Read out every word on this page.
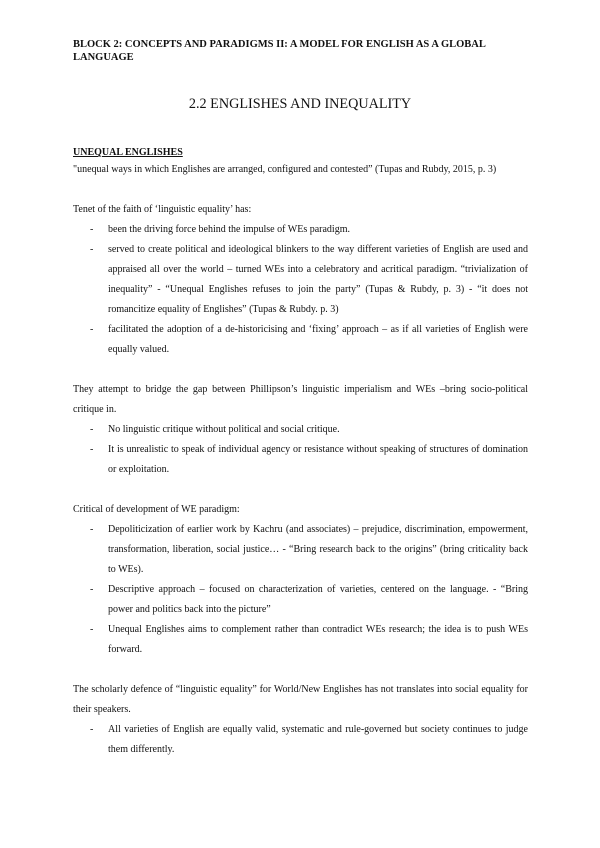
BLOCK 2: CONCEPTS AND PARADIGMS II: A MODEL FOR ENGLISH AS A GLOBAL LANGUAGE
2.2 ENGLISHES AND INEQUALITY

UNEQUAL ENGLISHES

"unequal ways in which Englishes are arranged, configured and contested” (Tupas and Rubdy, 2015, p. 3)

Tenet of the faith of ‘linguistic equality’ has:

- been the driving force behind the impulse of WEs paradigm.
- served to create political and ideological blinkers to the way different varieties of English are used and appraised all over the world – turned WEs into a celebratory and acritical paradigm. “trivialization of inequality” - “Unequal Englishes refuses to join the party” (Tupas & Rubdy, p. 3) - “it does not romancitize equality of Englishes” (Tupas & Rubdy. p. 3)
- facilitated the adoption of a de-historicising and ‘fixing’ approach – as if all varieties of English were equally valued.

They attempt to bridge the gap between Phillipson’s linguistic imperialism and WEs –bring socio-political critique in.

- No linguistic critique without political and social critique.
- It is unrealistic to speak of individual agency or resistance without speaking of structures of domination or exploitation.

Critical of development of WE paradigm:

- Depoliticization of earlier work by Kachru (and associates) – prejudice, discrimination, empowerment, transformation, liberation, social justice… - “Bring research back to the origins” (bring criticality back to WEs).
- Descriptive approach – focused on characterization of varieties, centered on the language. - “Bring power and politics back into the picture”
- Unequal Englishes aims to complement rather than contradict WEs research; the idea is to push WEs forward.

The scholarly defence of “linguistic equality” for World/New Englishes has not translates into social equality for their speakers.

- All varieties of English are equally valid, systematic and rule-governed but society continues to judge them differently.
